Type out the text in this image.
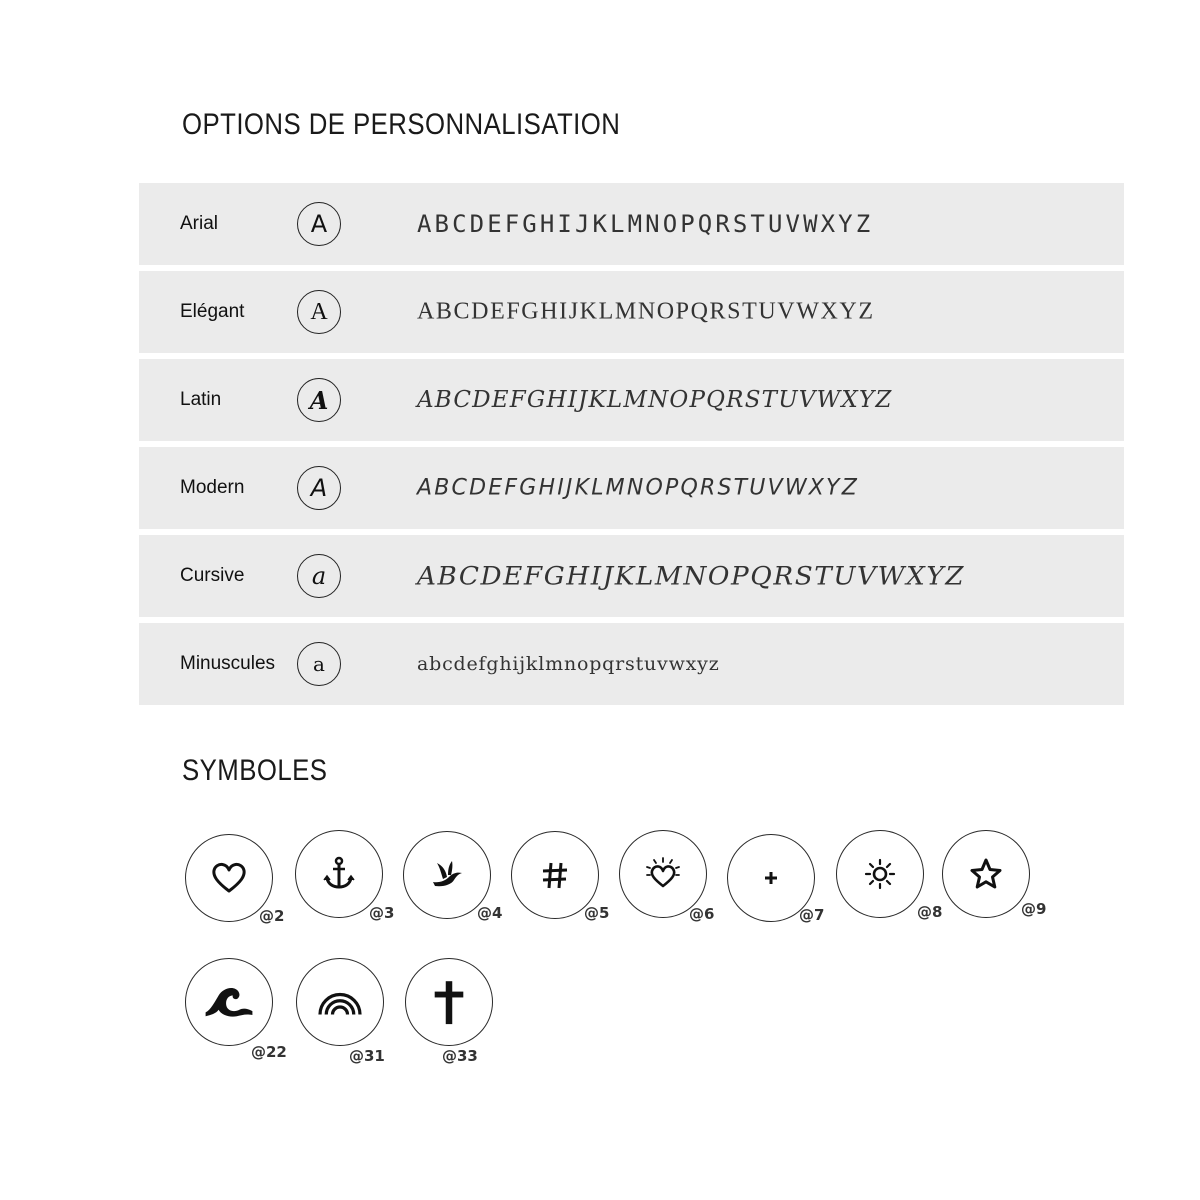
OPTIONS DE PERSONNALISATION
Arial	A	ABCDEFGHIJKLMNOPQRSTUVWXYZ
Elégant	A	ABCDEFGHIJKLMNOPQRSTUVWXYZ
Latin	A	ABCDEFGHIJKLMNOPQRSTUVWXYZ
Modern	A	ABCDEFGHIJKLMNOPQRSTUVWXYZ
Cursive	a	ABCDEFGHIJKLMNOPQRSTUVWXYZ
Minuscules	a	abcdefghijklmnopqrstuvwxyz
SYMBOLES
@2	@3	@4	@5	@6	@7	@8	@9
@22	@31	@33
